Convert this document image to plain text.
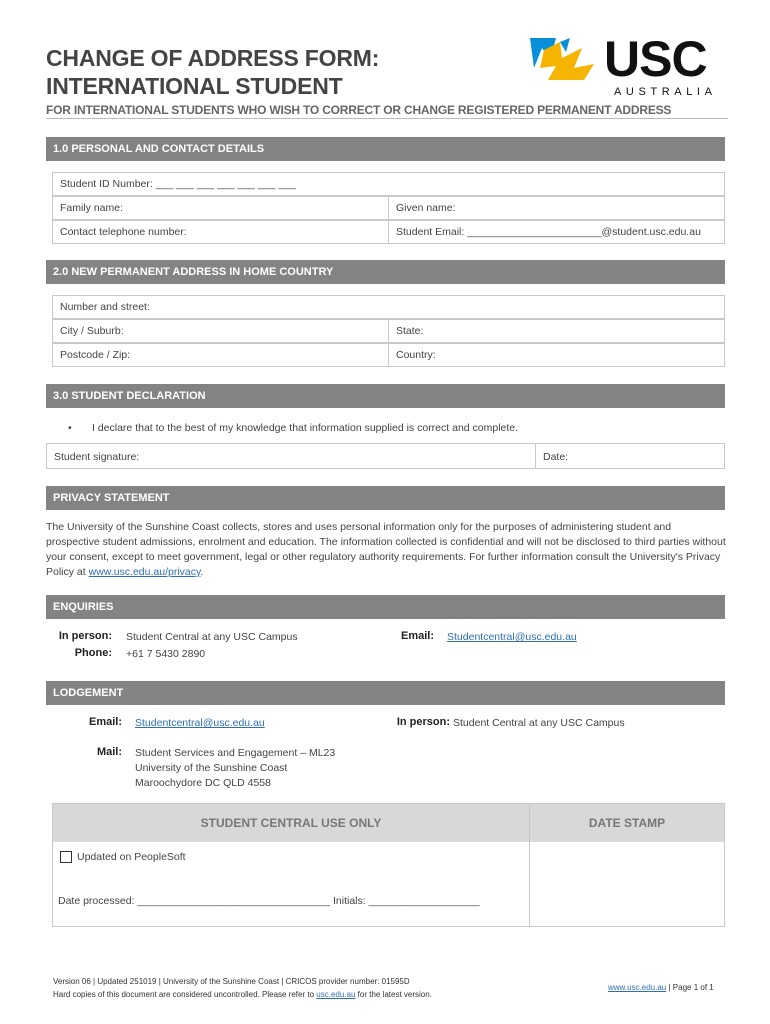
CHANGE OF ADDRESS FORM:
INTERNATIONAL STUDENT	USC
AUSTRALIA
FOR INTERNATIONAL STUDENTS WHO WISH TO CORRECT OR CHANGE REGISTERED PERMANENT ADDRESS
1.0 PERSONAL AND CONTACT DETAILS
Student ID Number: ___ ___ ___ ___ ___ ___ ___
Family name:	Given name:
Contact telephone number:	Student Email: _______________________@student.usc.edu.au
2.0 NEW PERMANENT ADDRESS IN HOME COUNTRY
Number and street:
City / Suburb:	State:
Postcode / Zip:	Country:
3.0 STUDENT DECLARATION
• I declare that to the best of my knowledge that information supplied is correct and complete.
Student signature:	Date:
PRIVACY STATEMENT
The University of the Sunshine Coast collects, stores and uses personal information only for the purposes of administering student and prospective student admissions, enrolment and education. The information collected is confidential and will not be disclosed to third parties without your consent, except to meet government, legal or other regulatory authority requirements. For further information consult the University's Privacy Policy at www.usc.edu.au/privacy.
ENQUIRIES
In person: Student Central at any USC Campus
Phone: +61 7 5430 2890
Email: Studentcentral@usc.edu.au
LODGEMENT
Email: Studentcentral@usc.edu.au	In person: Student Central at any USC Campus
Mail: Student Services and Engagement – ML23
University of the Sunshine Coast
Maroochydore DC QLD 4558
STUDENT CENTRAL USE ONLY	DATE STAMP
Updated on PeopleSoft
Date processed: _________________________________ Initials: ___________________
Version 06 | Updated 251019 | University of the Sunshine Coast | CRICOS provider number: 01595D
Hard copies of this document are considered uncontrolled. Please refer to usc.edu.au for the latest version.
www.usc.edu.au | Page 1 of 1
